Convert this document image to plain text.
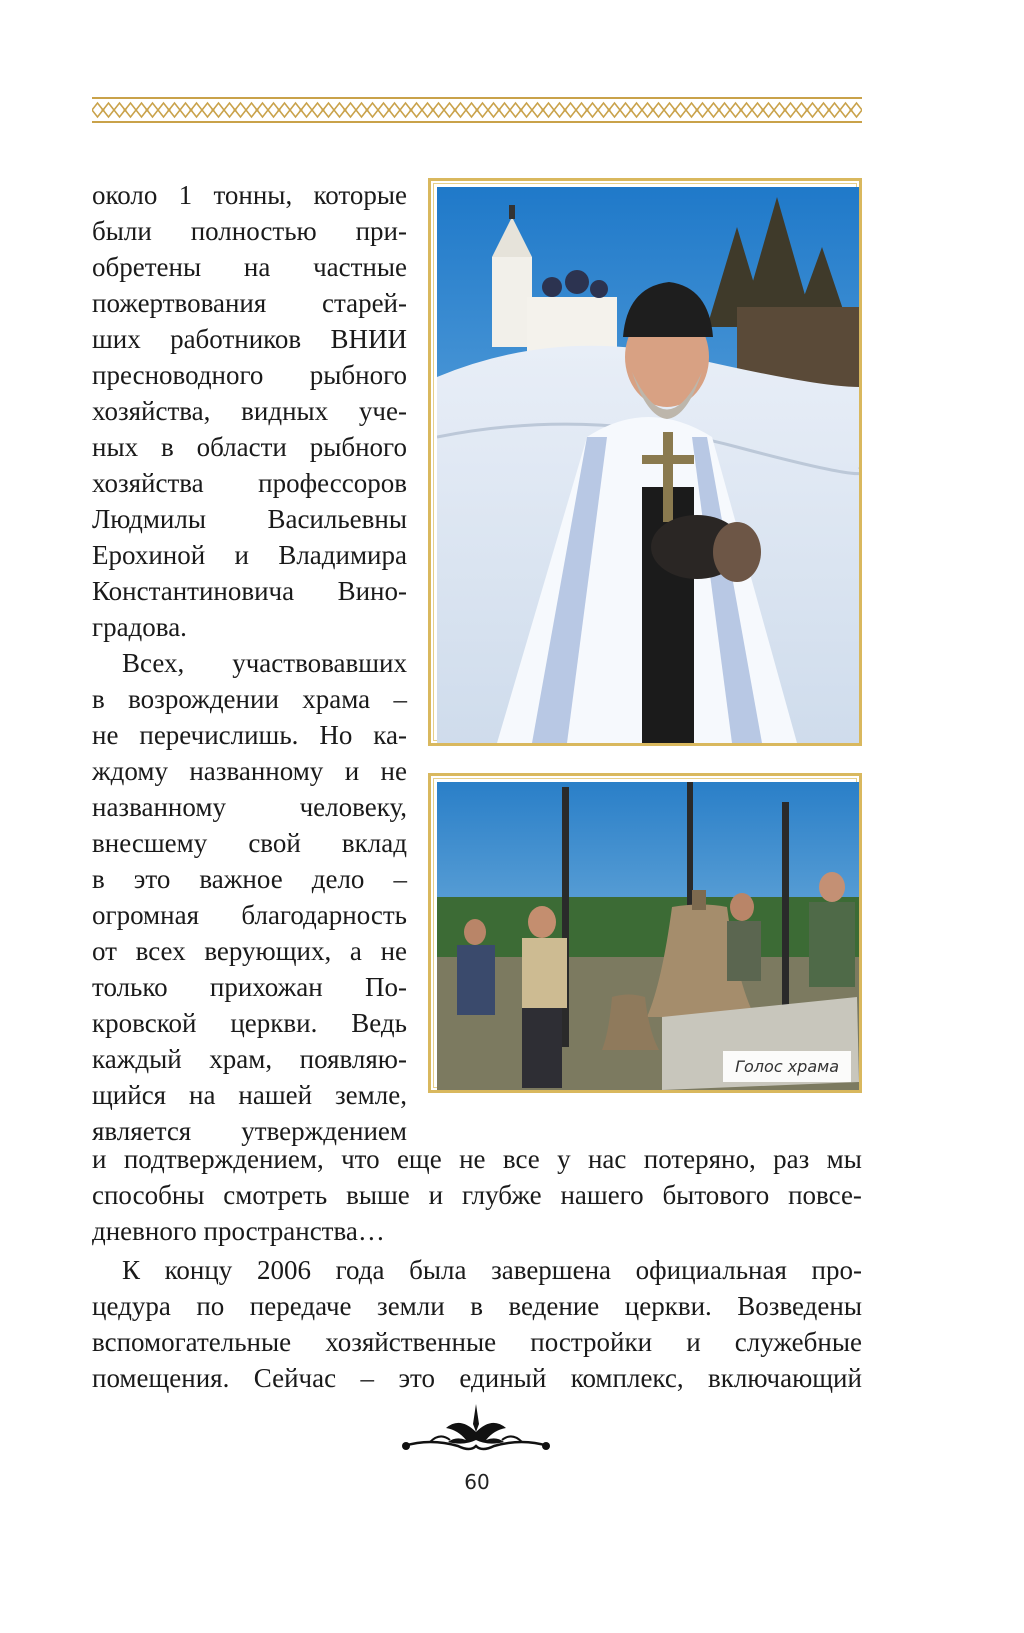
около 1 тонны, которые
были полностью при-
обретены на частные
пожертвования старей-
ших работников ВНИИ
пресноводного рыбного
хозяйства, видных уче-
ных в области рыбного
хозяйства профессоров
Людмилы Васильевны
Ерохиной и Владимира
Константиновича Вино-
градова.
Всех, участвовавших
в возрождении храма –
не перечислишь. Но ка-
ждому названному и не
названному	человеку,
внесшему свой вклад
в это важное дело –
огромная благодарность
от всех верующих, а не
только прихожан По-
кровской церкви. Ведь
каждый храм, появляю-
щийся на нашей земле,
является утверждением
Голос храма
и подтверждением, что еще не все у нас потеряно, раз мы
способны смотреть выше и глубже нашего бытового повсе-
дневного пространства…
К концу 2006 года была завершена официальная про-
цедура по передаче земли в ведение церкви. Возведены
вспомогательные хозяйственные постройки и служебные
помещения. Сейчас – это единый комплекс, включающий
60
